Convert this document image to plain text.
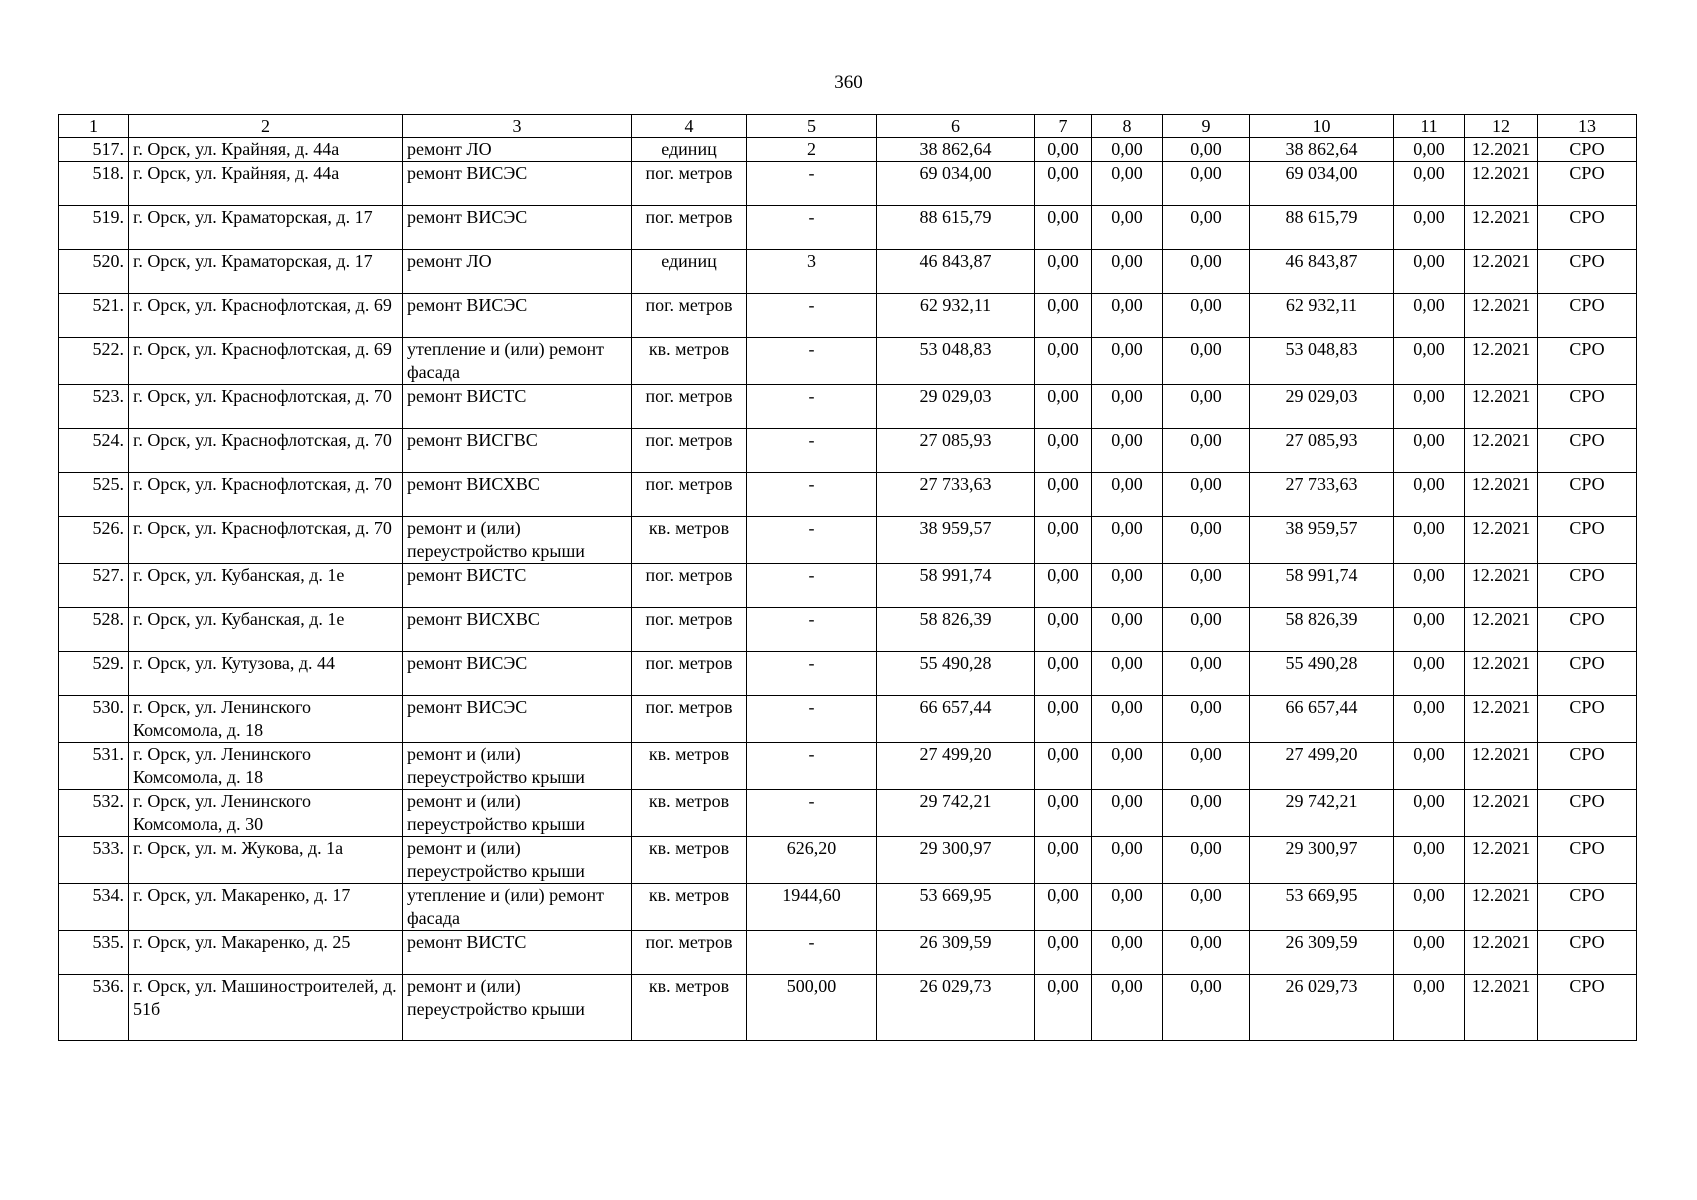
360
1	2	3	4	5	6	7	8	9	10	11	12	13
517.	г. Орск, ул. Крайняя, д. 44а	ремонт ЛО	единиц	2	38 862,64	0,00	0,00	0,00	38 862,64	0,00	12.2021	СРО
518.	г. Орск, ул. Крайняя, д. 44а	ремонт ВИСЭС	пог. метров	-	69 034,00	0,00	0,00	0,00	69 034,00	0,00	12.2021	СРО
519.	г. Орск, ул. Краматорская, д. 17	ремонт ВИСЭС	пог. метров	-	88 615,79	0,00	0,00	0,00	88 615,79	0,00	12.2021	СРО
520.	г. Орск, ул. Краматорская, д. 17	ремонт ЛО	единиц	3	46 843,87	0,00	0,00	0,00	46 843,87	0,00	12.2021	СРО
521.	г. Орск, ул. Краснофлотская, д. 69	ремонт ВИСЭС	пог. метров	-	62 932,11	0,00	0,00	0,00	62 932,11	0,00	12.2021	СРО
522.	г. Орск, ул. Краснофлотская, д. 69	утепление и (или) ремонт фасада	кв. метров	-	53 048,83	0,00	0,00	0,00	53 048,83	0,00	12.2021	СРО
523.	г. Орск, ул. Краснофлотская, д. 70	ремонт ВИСТС	пог. метров	-	29 029,03	0,00	0,00	0,00	29 029,03	0,00	12.2021	СРО
524.	г. Орск, ул. Краснофлотская, д. 70	ремонт ВИСГВС	пог. метров	-	27 085,93	0,00	0,00	0,00	27 085,93	0,00	12.2021	СРО
525.	г. Орск, ул. Краснофлотская, д. 70	ремонт ВИСХВС	пог. метров	-	27 733,63	0,00	0,00	0,00	27 733,63	0,00	12.2021	СРО
526.	г. Орск, ул. Краснофлотская, д. 70	ремонт и (или) переустройство крыши	кв. метров	-	38 959,57	0,00	0,00	0,00	38 959,57	0,00	12.2021	СРО
527.	г. Орск, ул. Кубанская, д. 1е	ремонт ВИСТС	пог. метров	-	58 991,74	0,00	0,00	0,00	58 991,74	0,00	12.2021	СРО
528.	г. Орск, ул. Кубанская, д. 1е	ремонт ВИСХВС	пог. метров	-	58 826,39	0,00	0,00	0,00	58 826,39	0,00	12.2021	СРО
529.	г. Орск, ул. Кутузова, д. 44	ремонт ВИСЭС	пог. метров	-	55 490,28	0,00	0,00	0,00	55 490,28	0,00	12.2021	СРО
530.	г. Орск, ул. Ленинского Комсомола, д. 18	ремонт ВИСЭС	пог. метров	-	66 657,44	0,00	0,00	0,00	66 657,44	0,00	12.2021	СРО
531.	г. Орск, ул. Ленинского Комсомола, д. 18	ремонт и (или) переустройство крыши	кв. метров	-	27 499,20	0,00	0,00	0,00	27 499,20	0,00	12.2021	СРО
532.	г. Орск, ул. Ленинского Комсомола, д. 30	ремонт и (или) переустройство крыши	кв. метров	-	29 742,21	0,00	0,00	0,00	29 742,21	0,00	12.2021	СРО
533.	г. Орск, ул. м. Жукова, д. 1а	ремонт и (или) переустройство крыши	кв. метров	626,20	29 300,97	0,00	0,00	0,00	29 300,97	0,00	12.2021	СРО
534.	г. Орск, ул. Макаренко, д. 17	утепление и (или) ремонт фасада	кв. метров	1944,60	53 669,95	0,00	0,00	0,00	53 669,95	0,00	12.2021	СРО
535.	г. Орск, ул. Макаренко, д. 25	ремонт ВИСТС	пог. метров	-	26 309,59	0,00	0,00	0,00	26 309,59	0,00	12.2021	СРО
536.	г. Орск, ул. Машиностроителей, д. 51б	ремонт и (или) переустройство крыши	кв. метров	500,00	26 029,73	0,00	0,00	0,00	26 029,73	0,00	12.2021	СРО
